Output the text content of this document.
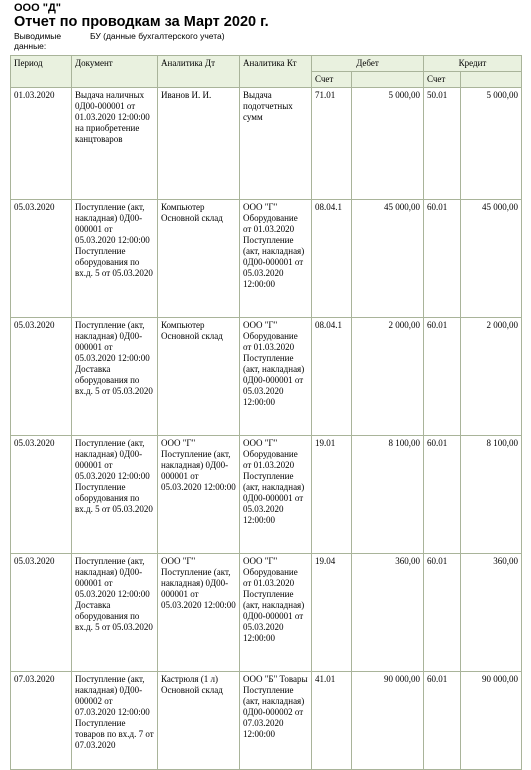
ООО "Д"
Отчет по проводкам за Март 2020 г.
Выводимые данные:
БУ (данные бухгалтерского учета)
Период	Документ	Аналитика Дт	Аналитика Кт	Дебет		Кредит	
				Счет		Счет	
01.03.2020	Выдача наличных 0Д00-000001 от 01.03.2020 12:00:00 на приобретение канцтоваров	Иванов И. И.	Выдача подотчетных сумм	71.01	5 000,00	50.01	5 000,00
05.03.2020	Поступление (акт, накладная) 0Д00-000001 от 05.03.2020 12:00:00 Поступление оборудования по вх.д. 5 от 05.03.2020	Компьютер Основной склад	ООО "Г" Оборудование от 01.03.2020 Поступление (акт, накладная) 0Д00-000001 от 05.03.2020 12:00:00	08.04.1	45 000,00	60.01	45 000,00
05.03.2020	Поступление (акт, накладная) 0Д00-000001 от 05.03.2020 12:00:00 Доставка оборудования по вх.д. 5 от 05.03.2020	Компьютер Основной склад	ООО "Г" Оборудование от 01.03.2020 Поступление (акт, накладная) 0Д00-000001 от 05.03.2020 12:00:00	08.04.1	2 000,00	60.01	2 000,00
05.03.2020	Поступление (акт, накладная) 0Д00-000001 от 05.03.2020 12:00:00 Поступление оборудования по вх.д. 5 от 05.03.2020	ООО "Г" Поступление (акт, накладная) 0Д00-000001 от 05.03.2020 12:00:00	ООО "Г" Оборудование от 01.03.2020 Поступление (акт, накладная) 0Д00-000001 от 05.03.2020 12:00:00	19.01	8 100,00	60.01	8 100,00
05.03.2020	Поступление (акт, накладная) 0Д00-000001 от 05.03.2020 12:00:00 Доставка оборудования по вх.д. 5 от 05.03.2020	ООО "Г" Поступление (акт, накладная) 0Д00-000001 от 05.03.2020 12:00:00	ООО "Г" Оборудование от 01.03.2020 Поступление (акт, накладная) 0Д00-000001 от 05.03.2020 12:00:00	19.04	360,00	60.01	360,00
07.03.2020	Поступление (акт, накладная) 0Д00-000002 от 07.03.2020 12:00:00 Поступление товаров по вх.д. 7 от 07.03.2020	Кастрюля (1 л) Основной склад	ООО "Б" Товары Поступление (акт, накладная) 0Д00-000002 от 07.03.2020 12:00:00	41.01	90 000,00	60.01	90 000,00
